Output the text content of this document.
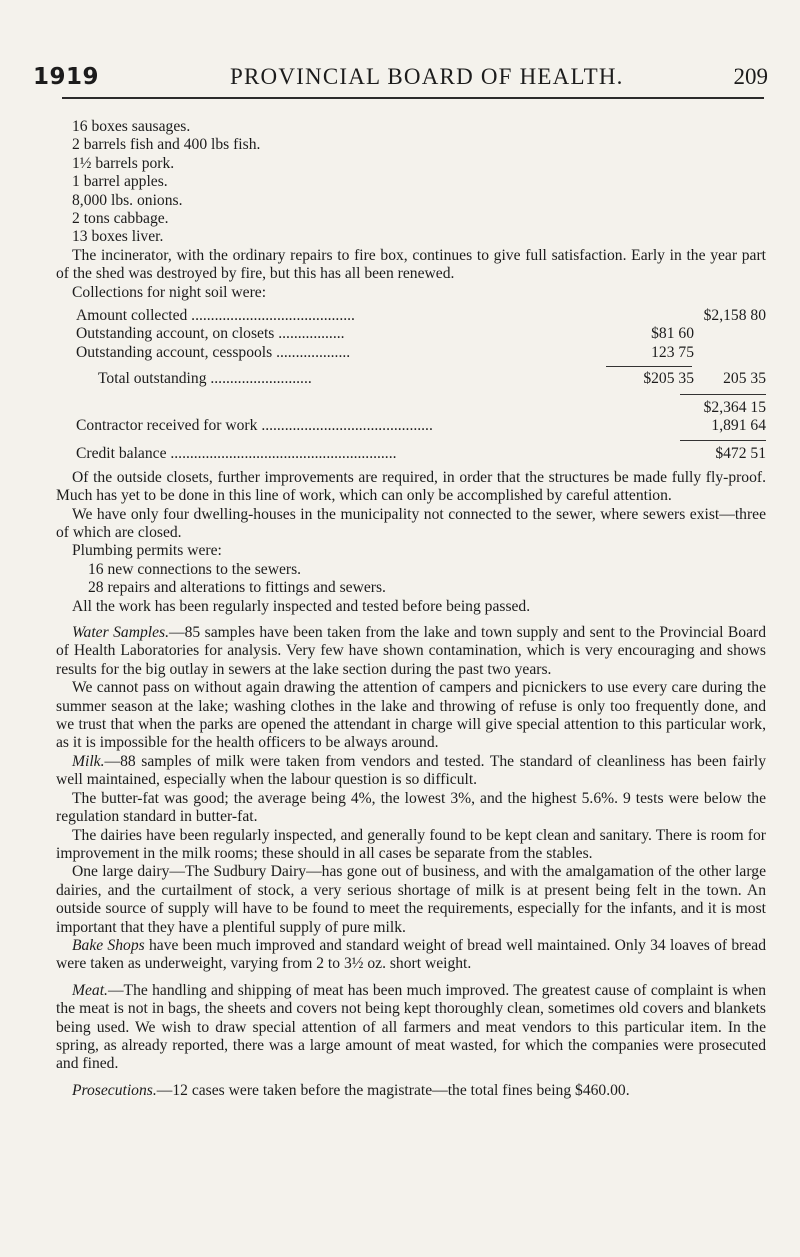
1919	PROVINCIAL BOARD OF HEALTH.	209

16 boxes sausages.

2 barrels fish and 400 lbs fish.

1½ barrels pork.

1 barrel apples.

8,000 lbs. onions.

2 tons cabbage.

13 boxes liver.

The incinerator, with the ordinary repairs to fire box, continues to give full satisfaction. Early in the year part of the shed was destroyed by fire, but this has all been renewed.

Collections for night soil were:

Amount collected ..........................................	$2,158 80
Outstanding account, on closets .................	$81 60
Outstanding account, cesspools ...................	123 75
Total outstanding ..........................	$205 35	205 35
$2,364 15
Contractor received for work ............................................	1,891 64
Credit balance ..........................................................	$472 51

Of the outside closets, further improvements are required, in order that the structures be made fully fly-proof. Much has yet to be done in this line of work, which can only be accomplished by careful attention.

We have only four dwelling-houses in the municipality not connected to the sewer, where sewers exist—three of which are closed.

Plumbing permits were:

16 new connections to the sewers.

28 repairs and alterations to fittings and sewers.

All the work has been regularly inspected and tested before being passed.

Water Samples.—85 samples have been taken from the lake and town supply and sent to the Provincial Board of Health Laboratories for analysis. Very few have shown contamination, which is very encouraging and shows results for the big outlay in sewers at the lake section during the past two years.

We cannot pass on without again drawing the attention of campers and picnickers to use every care during the summer season at the lake; washing clothes in the lake and throwing of refuse is only too frequently done, and we trust that when the parks are opened the attendant in charge will give special attention to this particular work, as it is impossible for the health officers to be always around.

Milk.—88 samples of milk were taken from vendors and tested. The standard of cleanliness has been fairly well maintained, especially when the labour question is so difficult.

The butter-fat was good; the average being 4%, the lowest 3%, and the highest 5.6%. 9 tests were below the regulation standard in butter-fat.

The dairies have been regularly inspected, and generally found to be kept clean and sanitary. There is room for improvement in the milk rooms; these should in all cases be separate from the stables.

One large dairy—The Sudbury Dairy—has gone out of business, and with the amalgamation of the other large dairies, and the curtailment of stock, a very serious shortage of milk is at present being felt in the town. An outside source of supply will have to be found to meet the requirements, especially for the infants, and it is most important that they have a plentiful supply of pure milk.

Bake Shops have been much improved and standard weight of bread well maintained. Only 34 loaves of bread were taken as underweight, varying from 2 to 3½ oz. short weight.

Meat.—The handling and shipping of meat has been much improved. The greatest cause of complaint is when the meat is not in bags, the sheets and covers not being kept thoroughly clean, sometimes old covers and blankets being used. We wish to draw special attention of all farmers and meat vendors to this particular item. In the spring, as already reported, there was a large amount of meat wasted, for which the companies were prosecuted and fined.

Prosecutions.—12 cases were taken before the magistrate—the total fines being $460.00.
